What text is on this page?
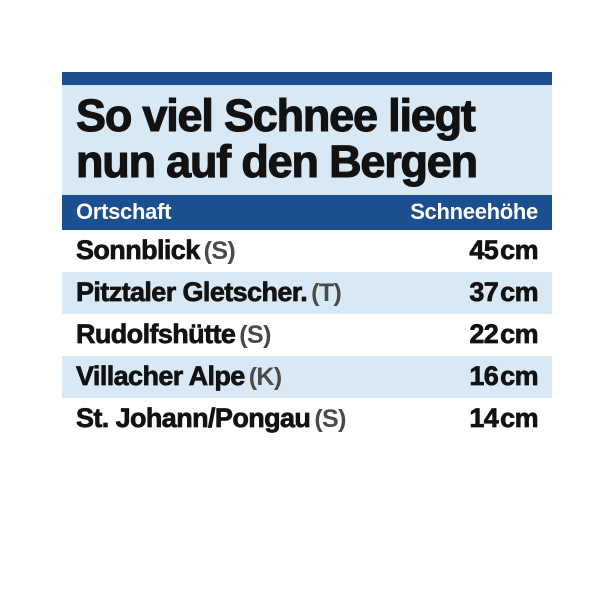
So viel Schnee liegt
nun auf den Bergen
Ortschaft	Schneehöhe
Sonnblick (S)	45cm
Pitztaler Gletscher. (T)	37cm
Rudolfshütte (S)	22cm
Villacher Alpe (K)	16cm
St. Johann/Pongau (S)	14cm
